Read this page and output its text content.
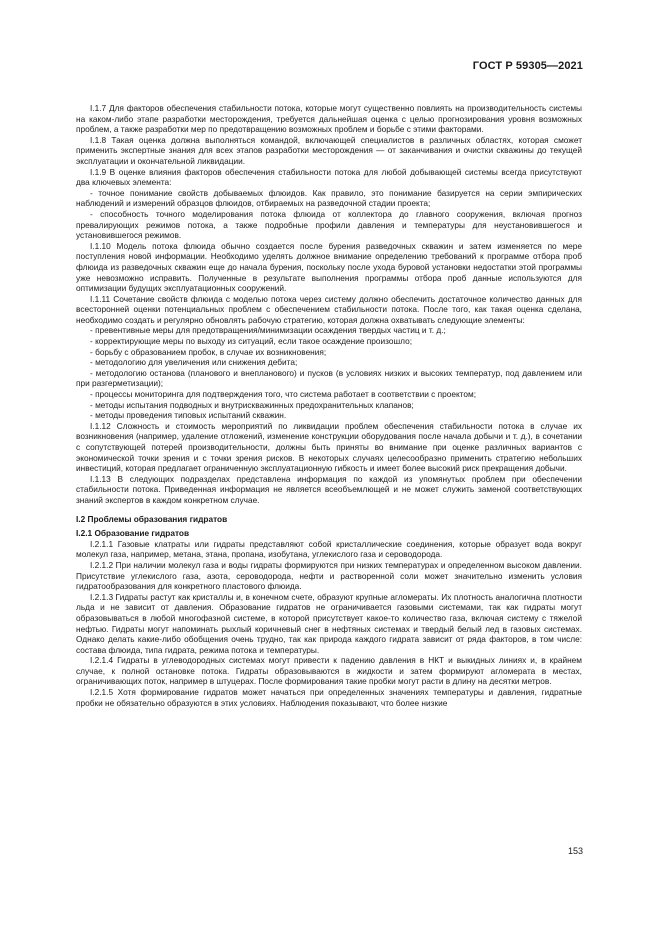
ГОСТ Р 59305—2021

I.1.7 Для факторов обеспечения стабильности потока, которые могут существенно повлиять на производительность системы на каком-либо этапе разработки месторождения, требуется дальнейшая оценка с целью прогнозирования уровня возможных проблем, а также разработки мер по предотвращению возможных проблем и борьбе с этими факторами.

I.1.8 Такая оценка должна выполняться командой, включающей специалистов в различных областях, которая сможет применить экспертные знания для всех этапов разработки месторождения — от заканчивания и очистки скважины до текущей эксплуатации и окончательной ликвидации.

I.1.9 В оценке влияния факторов обеспечения стабильности потока для любой добывающей системы всегда присутствуют два ключевых элемента:

- точное понимание свойств добываемых флюидов. Как правило, это понимание базируется на серии эмпирических наблюдений и измерений образцов флюидов, отбираемых на разведочной стадии проекта;

- способность точного моделирования потока флюида от коллектора до главного сооружения, включая прогноз превалирующих режимов потока, а также подробные профили давления и температуры для неустановившегося и установившегося режимов.

I.1.10 Модель потока флюида обычно создается после бурения разведочных скважин и затем изменяется по мере поступления новой информации. Необходимо уделять должное внимание определению требований к программе отбора проб флюида из разведочных скважин еще до начала бурения, поскольку после ухода буровой установки недостатки этой программы уже невозможно исправить. Полученные в результате выполнения программы отбора проб данные используются для оптимизации будущих эксплуатационных сооружений.

I.1.11 Сочетание свойств флюида с моделью потока через систему должно обеспечить достаточное количество данных для всесторонней оценки потенциальных проблем с обеспечением стабильности потока. После того, как такая оценка сделана, необходимо создать и регулярно обновлять рабочую стратегию, которая должна охватывать следующие элементы:

- превентивные меры для предотвращения/минимизации осаждения твердых частиц и т. д.;

- корректирующие меры по выходу из ситуаций, если такое осаждение произошло;

- борьбу с образованием пробок, в случае их возникновения;

- методологию для увеличения или снижения дебита;

- методологию останова (планового и внепланового) и пусков (в условиях низких и высоких температур, под давлением или при разгерметизации);

- процессы мониторинга для подтверждения того, что система работает в соответствии с проектом;

- методы испытания подводных и внутрискважинных предохранительных клапанов;

- методы проведения типовых испытаний скважин.

I.1.12 Сложность и стоимость мероприятий по ликвидации проблем обеспечения стабильности потока в случае их возникновения (например, удаление отложений, изменение конструкции оборудования после начала добычи и т. д.), в сочетании с сопутствующей потерей производительности, должны быть приняты во внимание при оценке различных вариантов с экономической точки зрения и с точки зрения рисков. В некоторых случаях целесообразно применить стратегию небольших инвестиций, которая предлагает ограниченную эксплуатационную гибкость и имеет более высокий риск прекращения добычи.

I.1.13 В следующих подразделах представлена информация по каждой из упомянутых проблем при обеспечении стабильности потока. Приведенная информация не является всеобъемлющей и не может служить заменой соответствующих знаний экспертов в каждом конкретном случае.

I.2 Проблемы образования гидратов

I.2.1 Образование гидратов

I.2.1.1 Газовые клатраты или гидраты представляют собой кристаллические соединения, которые образует вода вокруг молекул газа, например, метана, этана, пропана, изобутана, углекислого газа и сероводорода.

I.2.1.2 При наличии молекул газа и воды гидраты формируются при низких температурах и определенном высоком давлении. Присутствие углекислого газа, азота, сероводорода, нефти и растворенной соли может значительно изменить условия гидратообразования для конкретного пластового флюида.

I.2.1.3 Гидраты растут как кристаллы и, в конечном счете, образуют крупные агломераты. Их плотность аналогична плотности льда и не зависит от давления. Образование гидратов не ограничивается газовыми системами, так как гидраты могут образовываться в любой многофазной системе, в которой присутствует какое-то количество газа, включая систему с тяжелой нефтью. Гидраты могут напоминать рыхлый коричневый снег в нефтяных системах и твердый белый лед в газовых системах. Однако делать какие-либо обобщения очень трудно, так как природа каждого гидрата зависит от ряда факторов, в том числе: состава флюида, типа гидрата, режима потока и температуры.

I.2.1.4 Гидраты в углеводородных системах могут привести к падению давления в НКТ и выкидных линиях и, в крайнем случае, к полной остановке потока. Гидраты образовываются в жидкости и затем формируют агломерата в местах, ограничивающих поток, например в штуцерах. После формирования такие пробки могут расти в длину на десятки метров.

I.2.1.5 Хотя формирование гидратов может начаться при определенных значениях температуры и давления, гидратные пробки не обязательно образуются в этих условиях. Наблюдения показывают, что более низкие

153
